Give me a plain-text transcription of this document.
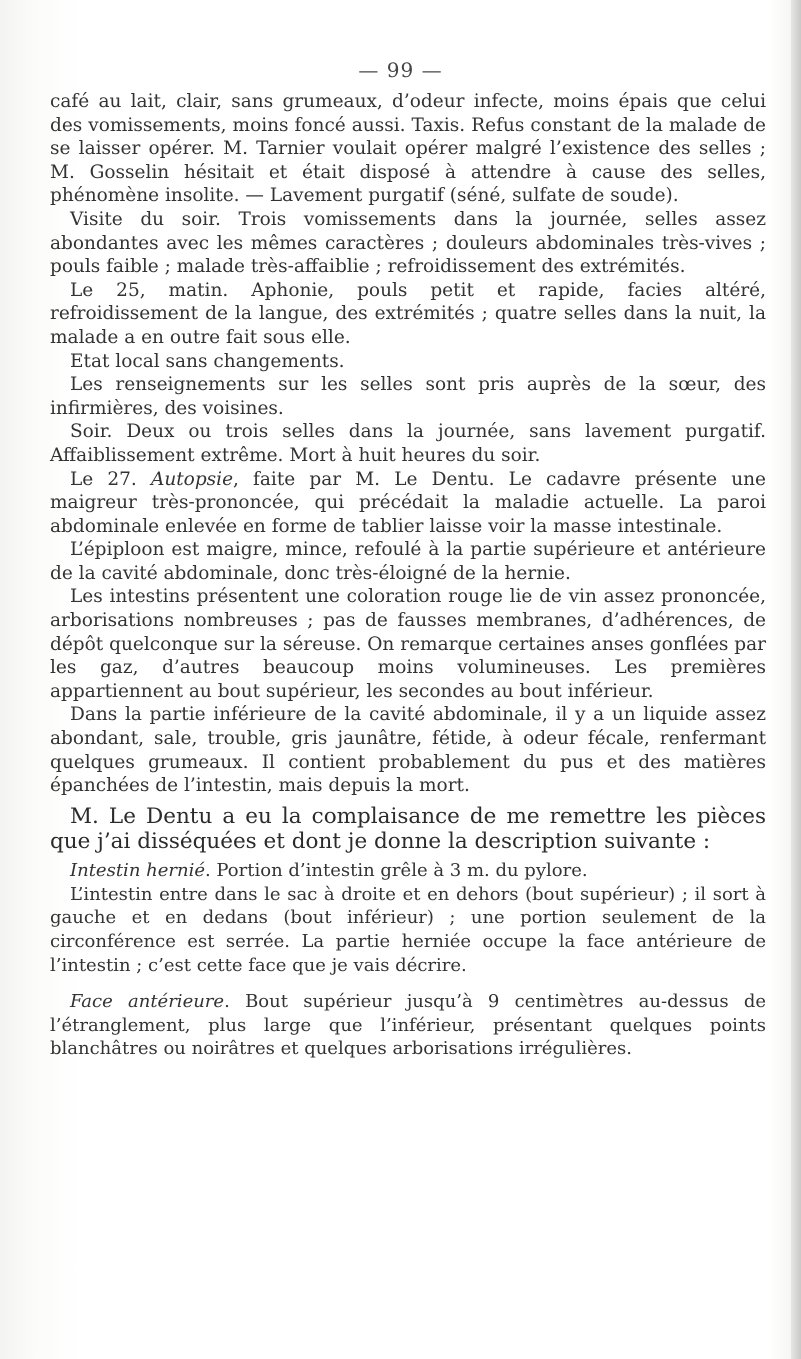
— 99 —

café au lait, clair, sans grumeaux, d’odeur infecte, moins épais que celui des vomissements, moins foncé aussi. Taxis. Refus constant de la malade de se laisser opérer. M. Tarnier voulait opérer malgré l’existence des selles ; M. Gosselin hésitait et était disposé à attendre à cause des selles, phénomène insolite. — Lavement purgatif (séné, sulfate de soude).

Visite du soir. Trois vomissements dans la journée, selles assez abondantes avec les mêmes caractères ; douleurs abdominales très-vives ; pouls faible ; malade très-affaiblie ; refroidissement des extrémités.

Le 25, matin. Aphonie, pouls petit et rapide, facies altéré, refroidissement de la langue, des extrémités ; quatre selles dans la nuit, la malade a en outre fait sous elle.

Etat local sans changements.

Les renseignements sur les selles sont pris auprès de la sœur, des infirmières, des voisines.

Soir. Deux ou trois selles dans la journée, sans lavement purgatif. Affaiblissement extrême. Mort à huit heures du soir.

Le 27. Autopsie, faite par M. Le Dentu. Le cadavre présente une maigreur très-prononcée, qui précédait la maladie actuelle. La paroi abdominale enlevée en forme de tablier laisse voir la masse intestinale.

L’épiploon est maigre, mince, refoulé à la partie supérieure et antérieure de la cavité abdominale, donc très-éloigné de la hernie.

Les intestins présentent une coloration rouge lie de vin assez prononcée, arborisations nombreuses ; pas de fausses membranes, d’adhérences, de dépôt quelconque sur la séreuse. On remarque certaines anses gonflées par les gaz, d’autres beaucoup moins volumineuses. Les premières appartiennent au bout supérieur, les secondes au bout inférieur.

Dans la partie inférieure de la cavité abdominale, il y a un liquide assez abondant, sale, trouble, gris jaunâtre, fétide, à odeur fécale, renfermant quelques grumeaux. Il contient probablement du pus et des matières épanchées de l’intestin, mais depuis la mort.

M. Le Dentu a eu la complaisance de me remettre les pièces que j’ai disséquées et dont je donne la description suivante :

Intestin hernié. Portion d’intestin grêle à 3 m. du pylore.

L’intestin entre dans le sac à droite et en dehors (bout supérieur) ; il sort à gauche et en dedans (bout inférieur) ; une portion seulement de la circonférence est serrée. La partie herniée occupe la face antérieure de l’intestin ; c’est cette face que je vais décrire.

Face antérieure. Bout supérieur jusqu’à 9 centimètres au-dessus de l’étranglement, plus large que l’inférieur, présentant quelques points blanchâtres ou noirâtres et quelques arborisations irrégulières.
